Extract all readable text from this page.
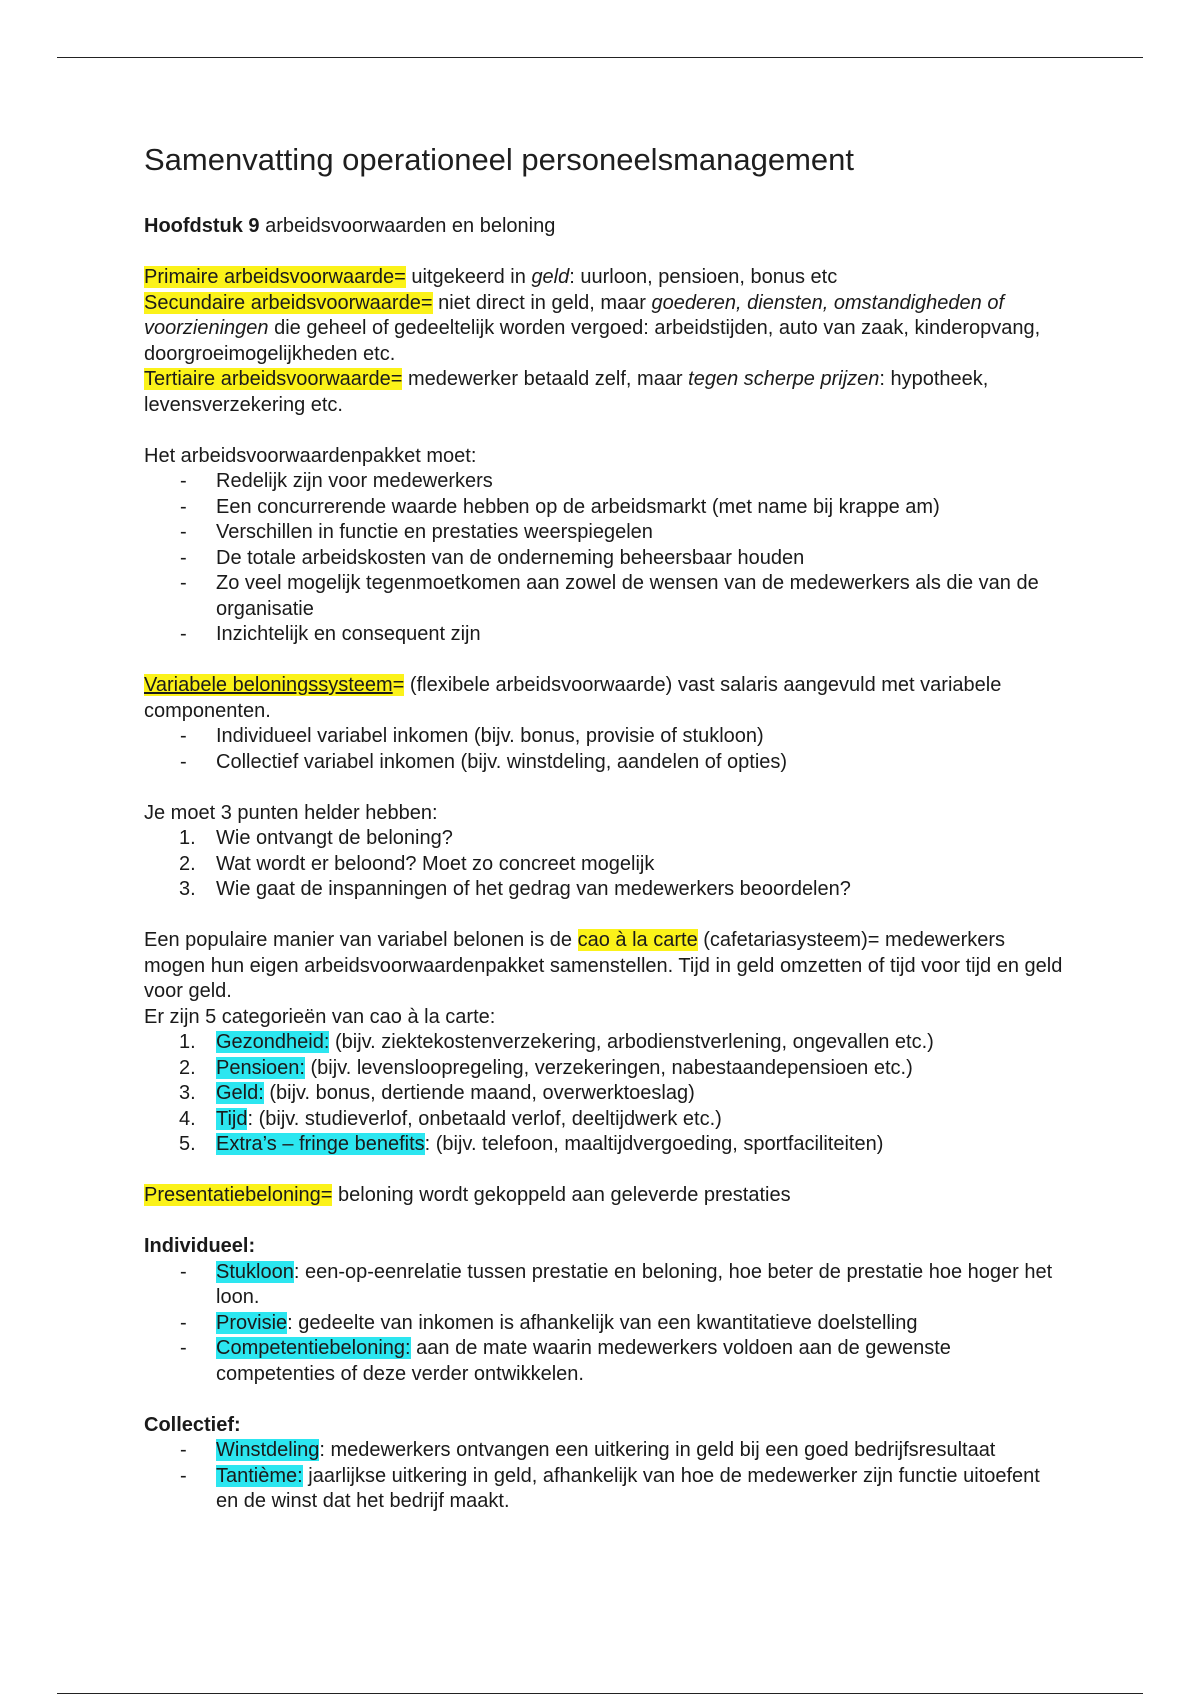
Samenvatting operationeel personeelsmanagement

Hoofdstuk 9 arbeidsvoorwaarden en beloning

Primaire arbeidsvoorwaarde= uitgekeerd in geld: uurloon, pensioen, bonus etc

Secundaire arbeidsvoorwaarde= niet direct in geld, maar goederen, diensten, omstandigheden of voorzieningen die geheel of gedeeltelijk worden vergoed: arbeidstijden, auto van zaak, kinderopvang, doorgroeimogelijkheden etc.

Tertiaire arbeidsvoorwaarde= medewerker betaald zelf, maar tegen scherpe prijzen: hypotheek, levensverzekering etc.

Het arbeidsvoorwaardenpakket moet:

- Redelijk zijn voor medewerkers
- Een concurrerende waarde hebben op de arbeidsmarkt (met name bij krappe am)
- Verschillen in functie en prestaties weerspiegelen
- De totale arbeidskosten van de onderneming beheersbaar houden
- Zo veel mogelijk tegenmoetkomen aan zowel de wensen van de medewerkers als die van de organisatie
- Inzichtelijk en consequent zijn

Variabele beloningssysteem= (flexibele arbeidsvoorwaarde) vast salaris aangevuld met variabele componenten.

- Individueel variabel inkomen (bijv. bonus, provisie of stukloon)
- Collectief variabel inkomen (bijv. winstdeling, aandelen of opties)

Je moet 3 punten helder hebben:

1. Wie ontvangt de beloning?
2. Wat wordt er beloond? Moet zo concreet mogelijk
3. Wie gaat de inspanningen of het gedrag van medewerkers beoordelen?

Een populaire manier van variabel belonen is de cao à la carte (cafetariasysteem)= medewerkers mogen hun eigen arbeidsvoorwaardenpakket samenstellen. Tijd in geld omzetten of tijd voor tijd en geld voor geld.

Er zijn 5 categorieën van cao à la carte:

1. Gezondheid: (bijv. ziektekostenverzekering, arbodienstverlening, ongevallen etc.)
2. Pensioen: (bijv. levensloopregeling, verzekeringen, nabestaandepensioen etc.)
3. Geld: (bijv. bonus, dertiende maand, overwerktoeslag)
4. Tijd: (bijv. studieverlof, onbetaald verlof, deeltijdwerk etc.)
5. Extra’s – fringe benefits: (bijv. telefoon, maaltijdvergoeding, sportfaciliteiten)

Presentatiebeloning= beloning wordt gekoppeld aan geleverde prestaties

Individueel:

- Stukloon: een-op-eenrelatie tussen prestatie en beloning, hoe beter de prestatie hoe hoger het loon.
- Provisie: gedeelte van inkomen is afhankelijk van een kwantitatieve doelstelling
- Competentiebeloning: aan de mate waarin medewerkers voldoen aan de gewenste competenties of deze verder ontwikkelen.

Collectief:

- Winstdeling: medewerkers ontvangen een uitkering in geld bij een goed bedrijfsresultaat
- Tantième: jaarlijkse uitkering in geld, afhankelijk van hoe de medewerker zijn functie uitoefent en de winst dat het bedrijf maakt.
